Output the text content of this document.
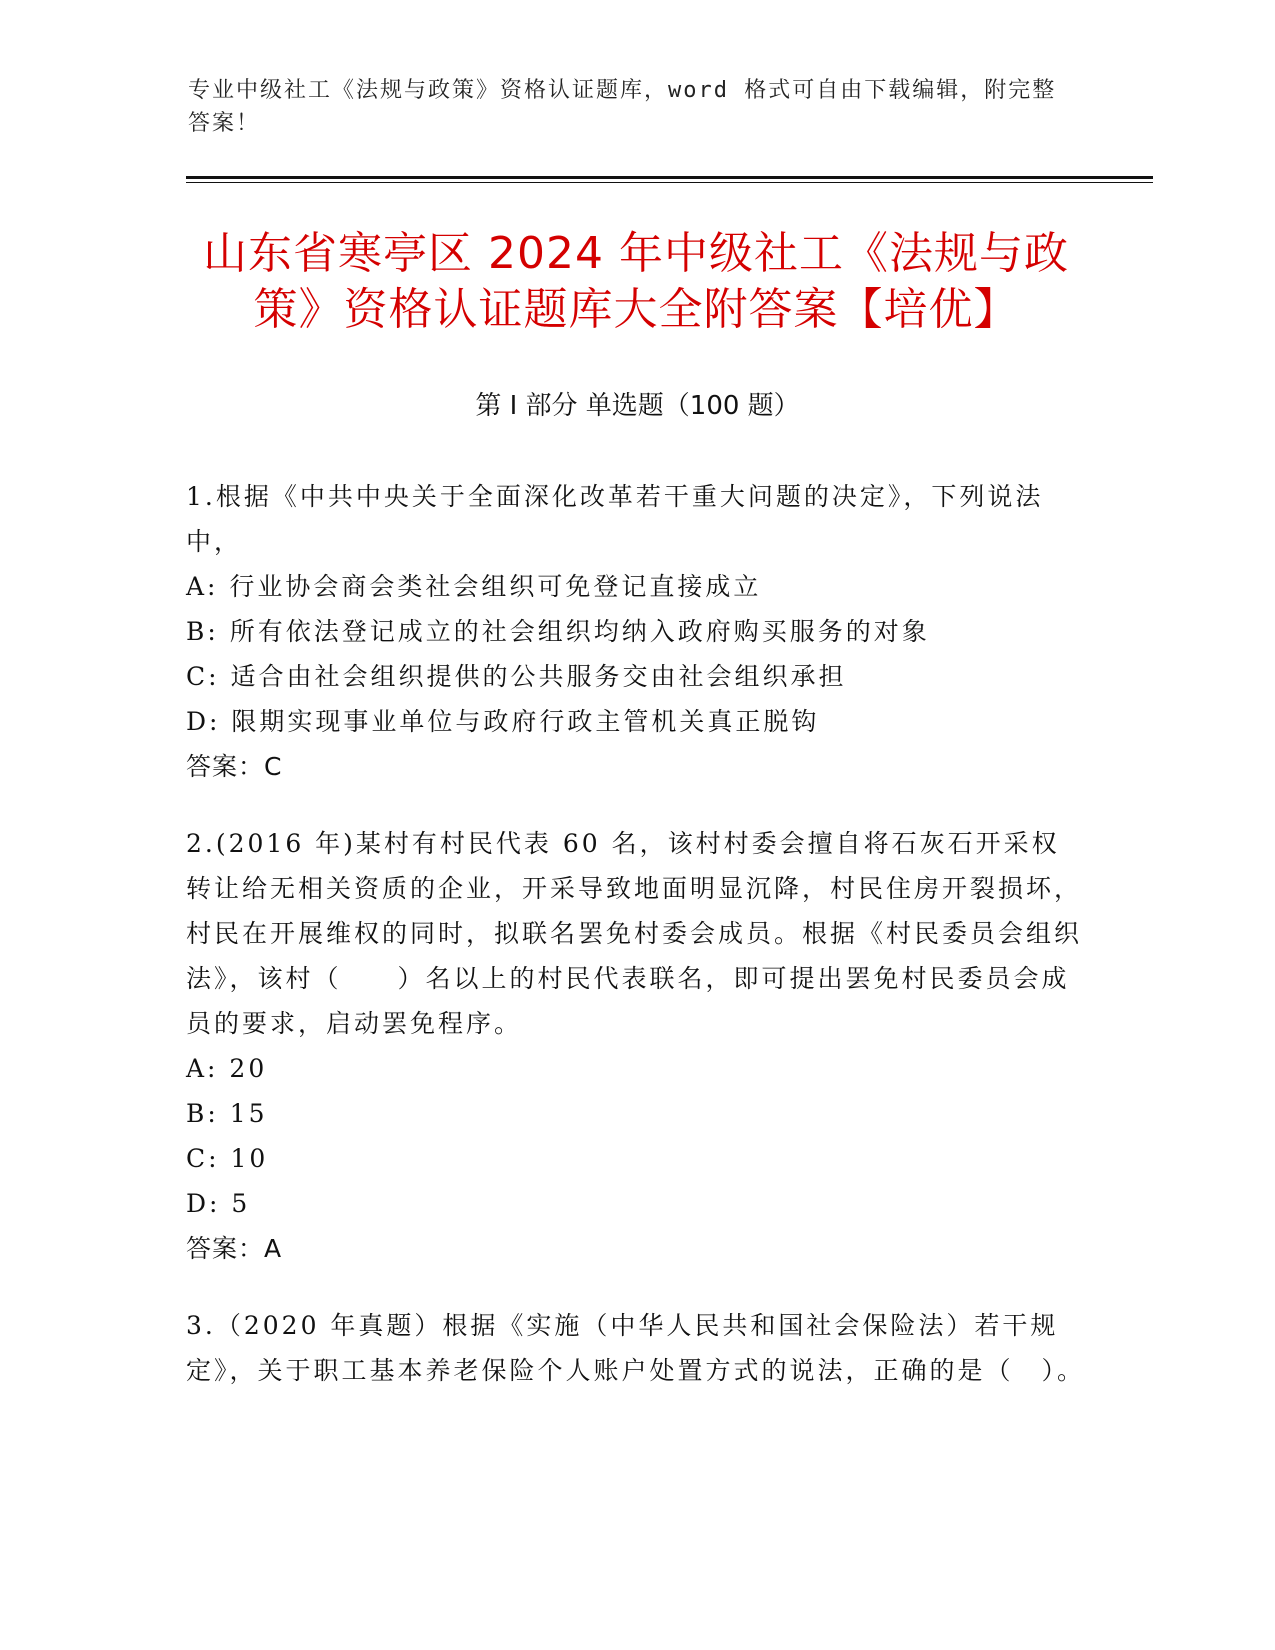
专业中级社工《法规与政策》资格认证题库，word 格式可自由下载编辑，附完整答案！
山东省寒亭区 2024 年中级社工《法规与政策》资格认证题库大全附答案【培优】
第 I 部分 单选题（100 题）

1.根据《中共中央关于全面深化改革若干重大问题的决定》，下列说法中，

A: 行业协会商会类社会组织可免登记直接成立

B: 所有依法登记成立的社会组织均纳入政府购买服务的对象

C: 适合由社会组织提供的公共服务交由社会组织承担

D: 限期实现事业单位与政府行政主管机关真正脱钩

答案：C

2.(2016 年)某村有村民代表 60 名，该村村委会擅自将石灰石开采权转让给无相关资质的企业，开采导致地面明显沉降，村民住房开裂损坏，村民在开展维权的同时，拟联名罢免村委会成员。根据《村民委员会组织法》，该村（　　）名以上的村民代表联名，即可提出罢免村民委员会成员的要求，启动罢免程序。

A: 20

B: 15

C: 10

D: 5

答案：A

3.（2020 年真题）根据《实施（中华人民共和国社会保险法）若干规定》，关于职工基本养老保险个人账户处置方式的说法，正确的是（　）。
